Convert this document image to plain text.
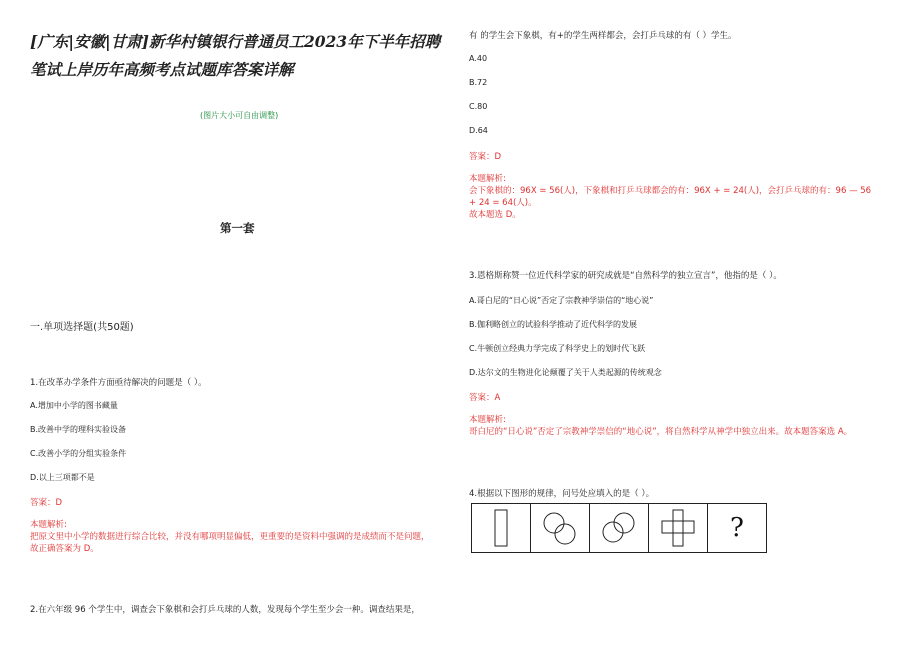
[广东|安徽|甘肃]新华村镇银行普通员工2023年下半年招聘笔试上岸历年高频考点试题库答案详解
(图片大小可自由调整)
第一套
一.单项选择题(共50题)
1.在改革办学条件方面亟待解决的问题是（ ）。
A.增加中小学的图书藏量
B.改善中学的理科实验设备
C.改善小学的分组实验条件
D.以上三项都不是
答案：D
本题解析:
把原文里中小学的数据进行综合比较，并没有哪项明显偏低，更重要的是资料中强调的是成绩而不是问题，
故正确答案为 D。
2.在六年级 96 个学生中，调查会下象棋和会打乒乓球的人数，发现每个学生至少会一种。调查结果是，
有 的学生会下象棋，有+的学生两样都会，会打乒乓球的有（ ）学生。
A.40
B.72
C.80
D.64
答案：D
本题解析:
会下象棋的：96X = 56(人)，下象棋和打乒乓球都会的有：96X + = 24(人)，会打乒乓球的有：96 — 56
+ 24 = 64(人)。
故本题选 D。
3.恩格斯称赞一位近代科学家的研究成就是“自然科学的独立宣言”，他指的是（ ）。
A.哥白尼的“日心说”否定了宗教神学崇信的“地心说”
B.伽利略创立的试验科学推动了近代科学的发展
C.牛顿创立经典力学完成了科学史上的划时代飞跃
D.达尔文的生物进化论颠覆了关于人类起源的传统观念
答案：A
本题解析:
哥白尼的“日心说”否定了宗教神学崇信的“地心说”，将自然科学从神学中独立出来。故本题答案选 A。
4.根据以下图形的规律，问号处应填入的是（ ）。
?
